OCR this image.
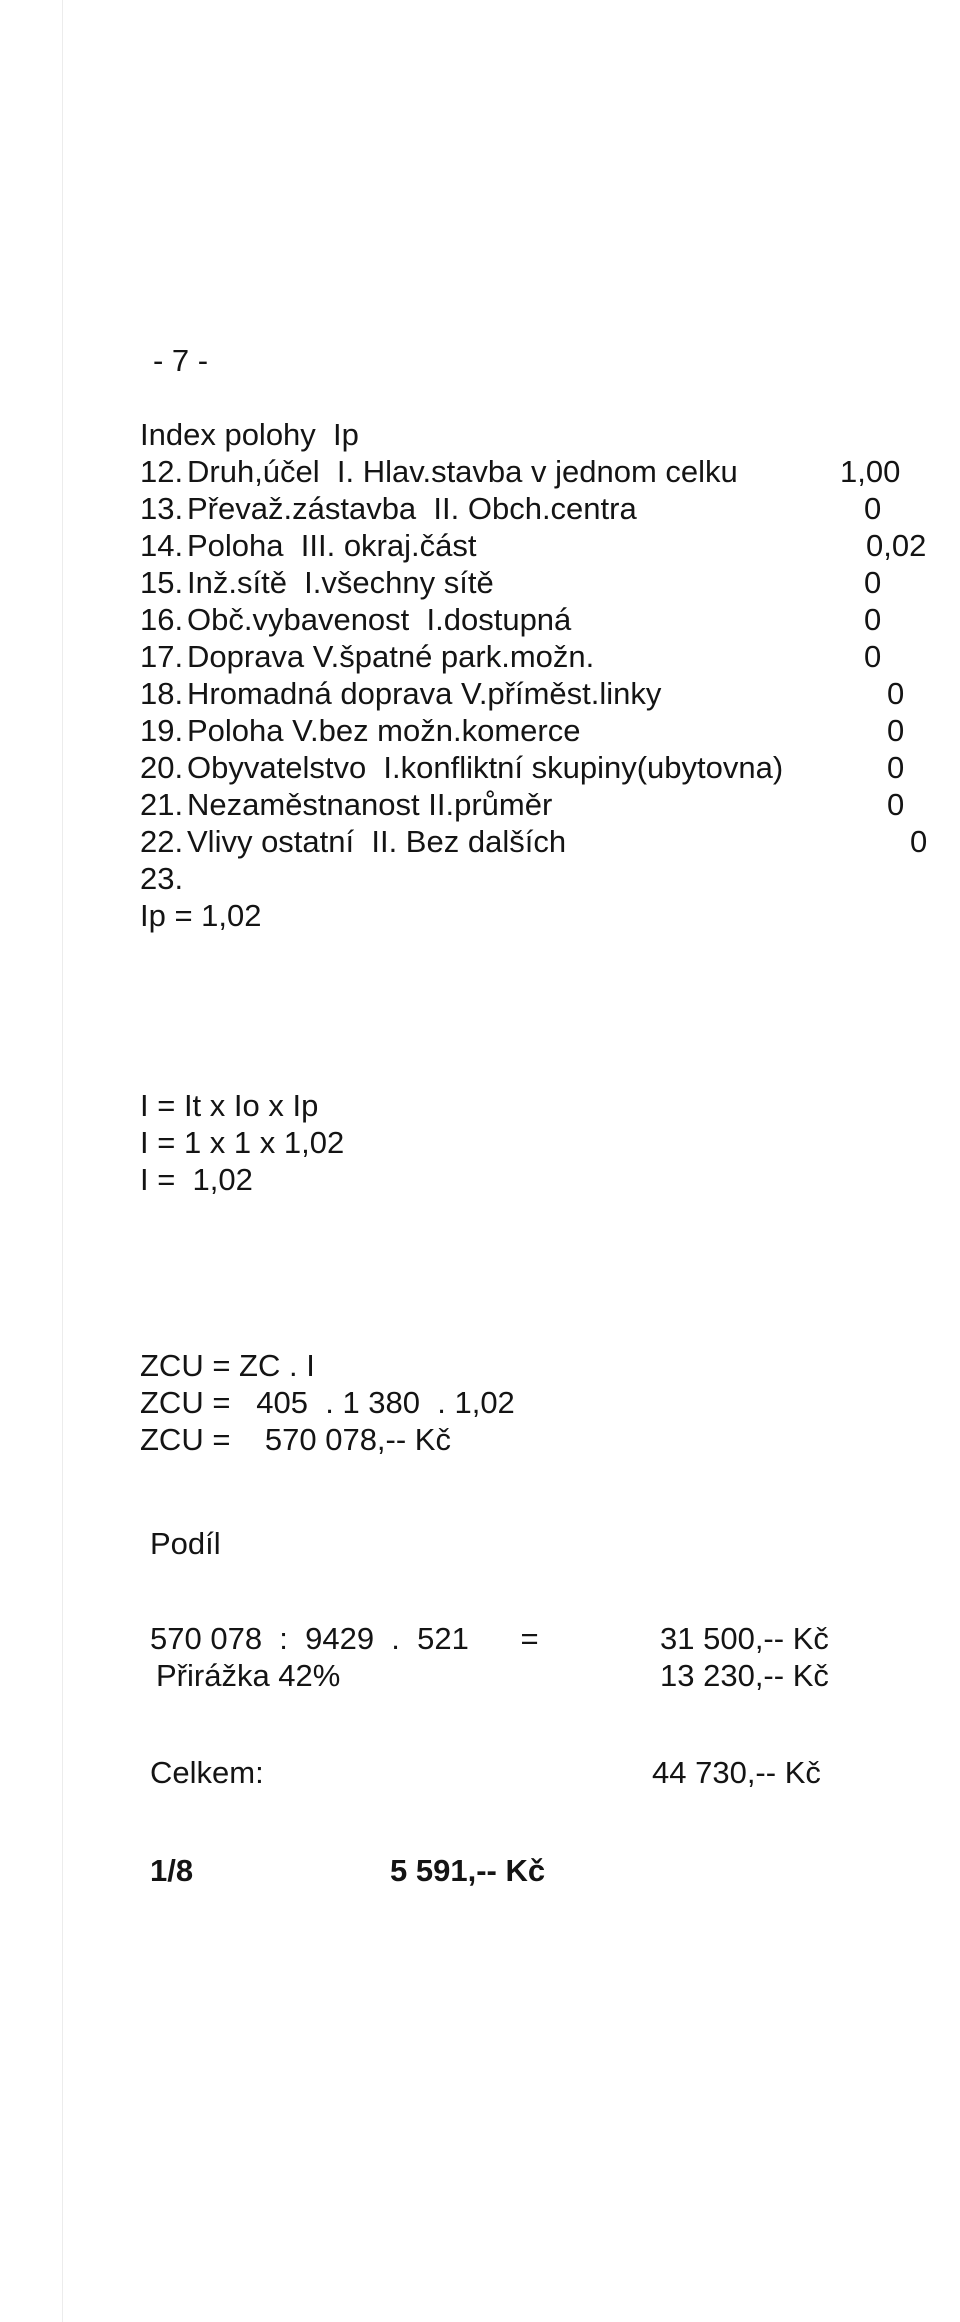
- 7 -
Index polohy  Ip
12. Druh,účel  I. Hlav.stavba v jednom celku	1,00
13. Převaž.zástavba  II. Obch.centra	0
14. Poloha  III. okraj.část	0,02
15. Inž.sítě  I.všechny sítě	0
16. Obč.vybavenost  I.dostupná	0
17. Doprava V.špatné park.možn.	0
18. Hromadná doprava V.příměst.linky	0
19. Poloha V.bez možn.komerce	0
20. Obyvatelstvo  I.konfliktní skupiny(ubytovna)	0
21. Nezaměstnanost II.průměr	0
22. Vlivy ostatní  II. Bez dalších	0
23.
Ip = 1,02
I = It x Io x Ip
I = 1 x 1 x 1,02
I =  1,02
ZCU = ZC . I
ZCU =   405  . 1 380  . 1,02
ZCU =    570 078,-- Kč
Podíl
570 078  :  9429  .  521      =	31 500,-- Kč
Přirážka 42%	13 230,-- Kč
Celkem:	44 730,-- Kč
1/8	5 591,-- Kč
